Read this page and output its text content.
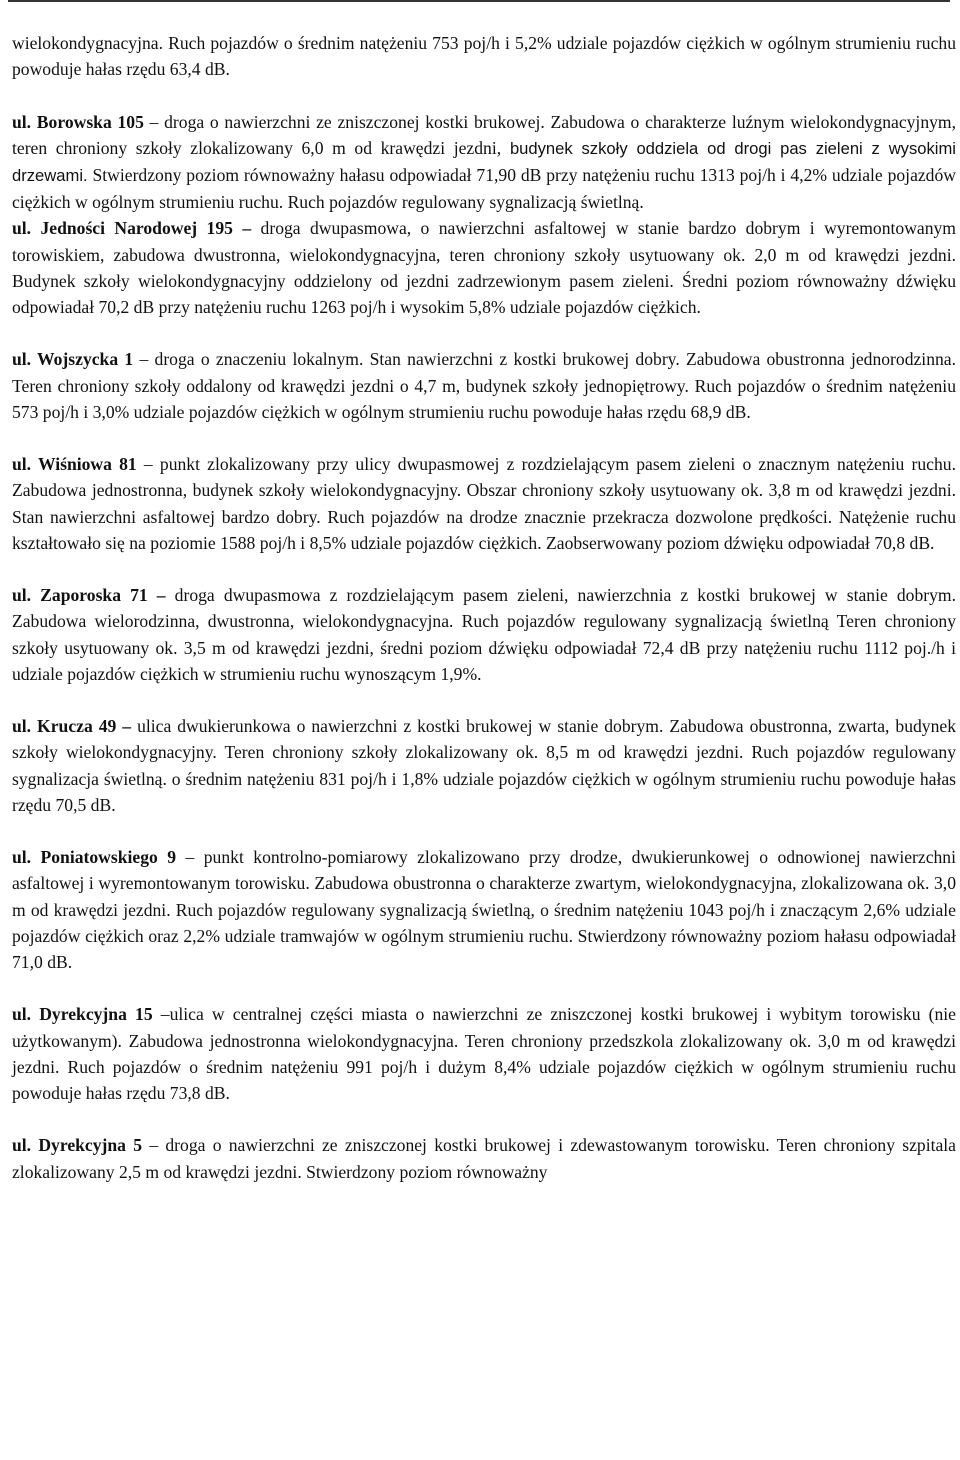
wielokondygnacyjna. Ruch pojazdów o średnim natężeniu 753 poj/h i 5,2% udziale pojazdów ciężkich w ogólnym strumieniu ruchu powoduje hałas rzędu 63,4 dB.

ul. Borowska 105 – droga o nawierzchni ze zniszczonej kostki brukowej. Zabudowa o charakterze luźnym wielokondygnacyjnym, teren chroniony szkoły zlokalizowany 6,0 m od krawędzi jezdni, budynek szkoły oddziela od drogi pas zieleni z wysokimi drzewami. Stwierdzony poziom równoważny hałasu odpowiadał 71,90 dB przy natężeniu ruchu 1313 poj/h i 4,2% udziale pojazdów ciężkich w ogólnym strumieniu ruchu. Ruch pojazdów regulowany sygnalizacją świetlną.

ul. Jedności Narodowej 195 – droga dwupasmowa, o nawierzchni asfaltowej w stanie bardzo dobrym i wyremontowanym torowiskiem, zabudowa dwustronna, wielokondygnacyjna, teren chroniony szkoły usytuowany ok. 2,0 m od krawędzi jezdni. Budynek szkoły wielokondygnacyjny oddzielony od jezdni zadrzewionym pasem zieleni. Średni poziom równoważny dźwięku odpowiadał 70,2 dB przy natężeniu ruchu 1263 poj/h i wysokim 5,8% udziale pojazdów ciężkich.

ul. Wojszycka 1 – droga o znaczeniu lokalnym. Stan nawierzchni z kostki brukowej dobry. Zabudowa obustronna jednorodzinna. Teren chroniony szkoły oddalony od krawędzi jezdni o 4,7 m, budynek szkoły jednopiętrowy. Ruch pojazdów o średnim natężeniu 573 poj/h i 3,0% udziale pojazdów ciężkich w ogólnym strumieniu ruchu powoduje hałas rzędu 68,9 dB.

ul. Wiśniowa 81 – punkt zlokalizowany przy ulicy dwupasmowej z rozdzielającym pasem zieleni o znacznym natężeniu ruchu. Zabudowa jednostronna, budynek szkoły wielokondygnacyjny. Obszar chroniony szkoły usytuowany ok. 3,8 m od krawędzi jezdni. Stan nawierzchni asfaltowej bardzo dobry. Ruch pojazdów na drodze znacznie przekracza dozwolone prędkości. Natężenie ruchu kształtowało się na poziomie 1588 poj/h i 8,5% udziale pojazdów ciężkich. Zaobserwowany poziom dźwięku odpowiadał 70,8 dB.

ul. Zaporoska 71 – droga dwupasmowa z rozdzielającym pasem zieleni, nawierzchnia z kostki brukowej w stanie dobrym. Zabudowa wielorodzinna, dwustronna, wielokondygnacyjna. Ruch pojazdów regulowany sygnalizacją świetlną Teren chroniony szkoły usytuowany ok. 3,5 m od krawędzi jezdni, średni poziom dźwięku odpowiadał 72,4 dB przy natężeniu ruchu 1112 poj./h i udziale pojazdów ciężkich w strumieniu ruchu wynoszącym 1,9%.

ul. Krucza 49 – ulica dwukierunkowa o nawierzchni z kostki brukowej w stanie dobrym. Zabudowa obustronna, zwarta, budynek szkoły wielokondygnacyjny. Teren chroniony szkoły zlokalizowany ok. 8,5 m od krawędzi jezdni. Ruch pojazdów regulowany sygnalizacja świetlną. o średnim natężeniu 831 poj/h i 1,8% udziale pojazdów ciężkich w ogólnym strumieniu ruchu powoduje hałas rzędu 70,5 dB.

ul. Poniatowskiego 9 – punkt kontrolno-pomiarowy zlokalizowano przy drodze, dwukierunkowej o odnowionej nawierzchni asfaltowej i wyremontowanym torowisku. Zabudowa obustronna o charakterze zwartym, wielokondygnacyjna, zlokalizowana ok. 3,0 m od krawędzi jezdni. Ruch pojazdów regulowany sygnalizacją świetlną, o średnim natężeniu 1043 poj/h i znaczącym 2,6% udziale pojazdów ciężkich oraz 2,2% udziale tramwajów w ogólnym strumieniu ruchu. Stwierdzony równoważny poziom hałasu odpowiadał 71,0 dB.

ul. Dyrekcyjna 15 –ulica w centralnej części miasta o nawierzchni ze zniszczonej kostki brukowej i wybitym torowisku (nie użytkowanym). Zabudowa jednostronna wielokondygnacyjna. Teren chroniony przedszkola zlokalizowany ok. 3,0 m od krawędzi jezdni. Ruch pojazdów o średnim natężeniu 991 poj/h i dużym 8,4% udziale pojazdów ciężkich w ogólnym strumieniu ruchu powoduje hałas rzędu 73,8 dB.

ul. Dyrekcyjna 5 – droga o nawierzchni ze zniszczonej kostki brukowej i zdewastowanym torowisku. Teren chroniony szpitala zlokalizowany 2,5 m od krawędzi jezdni. Stwierdzony poziom równoważny
